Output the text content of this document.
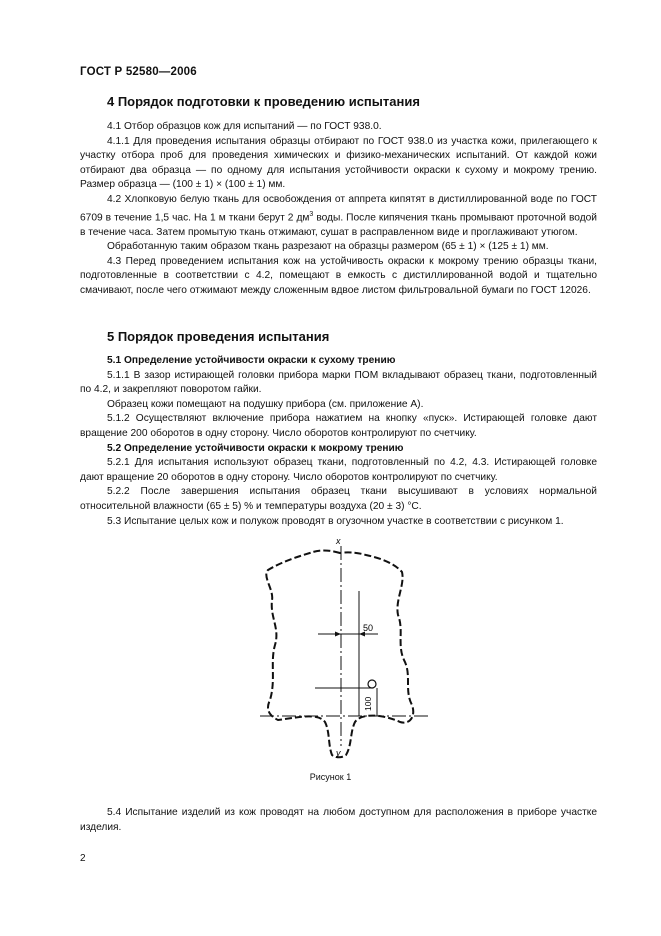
ГОСТ Р 52580—2006
4 Порядок подготовки к проведению испытания

4.1 Отбор образцов кож для испытаний — по ГОСТ 938.0.

4.1.1 Для проведения испытания образцы отбирают по ГОСТ 938.0 из участка кожи, прилегающего к участку отбора проб для проведения химических и физико-механических испытаний. От каждой кожи отбирают два образца — по одному для испытания устойчивости окраски к сухому и мокрому трению. Размер образца — (100 ± 1) × (100 ± 1) мм.

4.2 Хлопковую белую ткань для освобождения от аппрета кипятят в дистиллированной воде по ГОСТ 6709 в течение 1,5 час. На 1 м ткани берут 2 $дм^3$ воды. После кипячения ткань промывают проточной водой в течение часа. Затем промытую ткань отжимают, сушат в расправленном виде и проглаживают утюгом.

Обработанную таким образом ткань разрезают на образцы размером (65 ± 1) × (125 ± 1) мм.

4.3 Перед проведением испытания кож на устойчивость окраски к мокрому трению образцы ткани, подготовленные в соответствии с 4.2, помещают в емкость с дистиллированной водой и тщательно смачивают, после чего отжимают между сложенным вдвое листом фильтровальной бумаги по ГОСТ 12026.

5 Порядок проведения испытания

5.1 Определение устойчивости окраски к сухому трению

5.1.1 В зазор истирающей головки прибора марки ПОМ вкладывают образец ткани, подготовленный по 4.2, и закрепляют поворотом гайки.

Образец кожи помещают на подушку прибора (см. приложение А).

5.1.2 Осуществляют включение прибора нажатием на кнопку «пуск». Истирающей головке дают вращение 200 оборотов в одну сторону. Число оборотов контролируют по счетчику.

5.2 Определение устойчивости окраски к мокрому трению

5.2.1 Для испытания используют образец ткани, подготовленный по 4.2, 4.3. Истирающей головке дают вращение 20 оборотов в одну сторону. Число оборотов контролируют по счетчику.

5.2.2 После завершения испытания образец ткани высушивают в условиях нормальной относительной влажности (65 ± 5) % и температуры воздуха (20 ± 3) °С.

5.3 Испытание целых кож и полукож проводят в огузочном участке в соответствии с рисунком 1.

x
y
50
100
Рисунок 1

5.4 Испытание изделий из кож проводят на любом доступном для расположения в приборе участке изделия.

2
